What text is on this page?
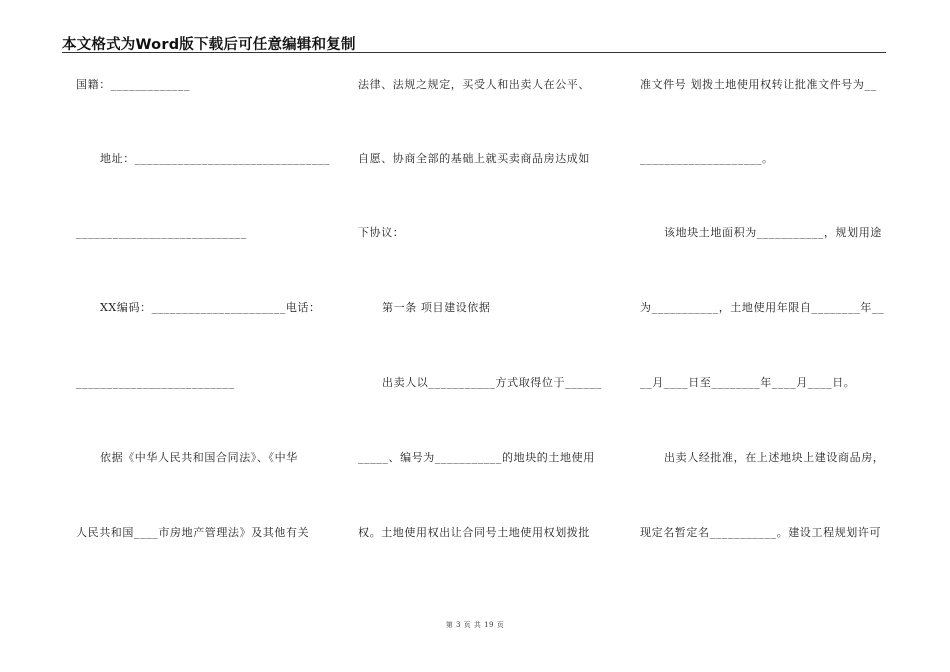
本文格式为Word版下载后可任意编辑和复制
国籍：_____________
地址：________________________________
____________________________
XX编码：______________________电话：
__________________________
依据《中华人民共和国合同法》、《中华
人民共和国____市房地产管理法》及其他有关
法律、法规之规定，买受人和出卖人在公平、
自愿、协商全部的基础上就买卖商品房达成如
下协议：
第一条 项目建设依据
出卖人以___________方式取得位于______
_____、编号为___________的地块的土地使用
权。土地使用权出让合同号土地使用权划拨批
准文件号 划拨土地使用权转让批准文件号为__
____________________。
该地块土地面积为___________，规划用途
为___________，土地使用年限自________年__
__月____日至________年____月____日。
出卖人经批准，在上述地块上建设商品房，
现定名暂定名___________。建设工程规划许可
第 3 页 共 19 页
